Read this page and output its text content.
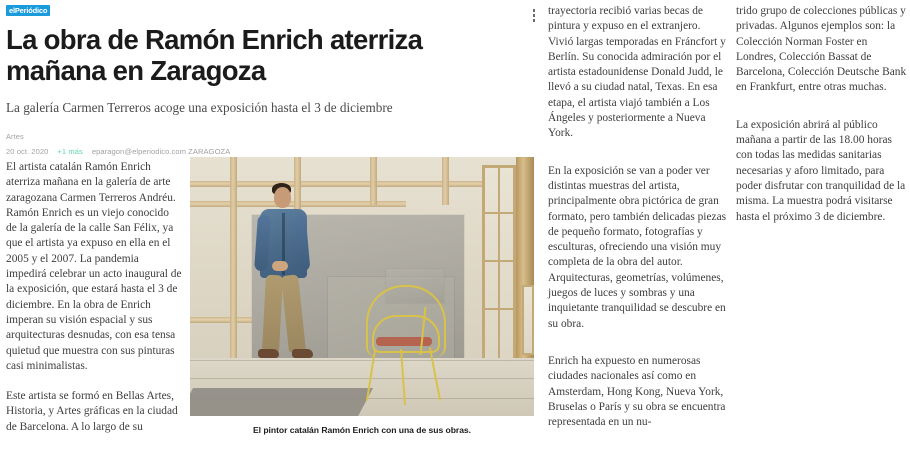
elPeriódico
La obra de Ramón Enrich aterriza mañana en Zaragoza

La galería Carmen Terreros acoge una exposición hasta el 3 de diciembre

Artes
20 oct. 2020 +1 más eparagon@elperiodico.com ZARAGOZA

El artista catalán Ramón Enrich aterriza mañana en la galería de arte zaragozana Carmen Terreros Andréu. Ramón Enrich es un viejo conocido de la galería de la calle San Félix, ya que el artista ya expuso en ella en el 2005 y el 2007. La pandemia impedirá celebrar un acto inaugural de la exposición, que estará hasta el 3 de diciembre. En la obra de Enrich imperan su visión espacial y sus arquitecturas desnudas, con esa tensa quietud que muestra con sus pinturas casi minimalistas.

Este artista se formó en Bellas Artes, Historia, y Artes gráficas en la ciudad de Barcelona. A lo largo de su	El pintor catalán Ramón Enrich con una de sus obras.

trayectoria recibió varias becas de pintura y expuso en el extranjero. Vivió largas temporadas en Fráncfort y Berlín. Su conocida admiración por el artista estadounidense Donald Judd, le llevó a su ciudad natal, Texas. En esa etapa, el artista viajó también a Los Ángeles y posteriormente a Nueva York.

En la exposición se van a poder ver distintas muestras del artista, principalmente obra pictórica de gran formato, pero también delicadas piezas de pequeño formato, fotografías y esculturas, ofreciendo una visión muy completa de la obra del autor. Arquitecturas, geometrías, volúmenes, juegos de luces y sombras y una inquietante tranquilidad se descubre en su obra.

Enrich ha expuesto en numerosas ciudades nacionales así como en Amsterdam, Hong Kong, Nueva York, Bruselas o París y su obra se encuentra representada en un nu-

trido grupo de colecciones públicas y privadas. Algunos ejemplos son: la Colección Norman Foster en Londres, Colección Bassat de Barcelona, Colección Deutsche Bank en Frankfurt, entre otras muchas.

La exposición abrirá al público mañana a partir de las 18.00 horas con todas las medidas sanitarias necesarias y aforo limitado, para poder disfrutar con tranquilidad de la misma. La muestra podrá visitarse hasta el próximo 3 de diciembre.
